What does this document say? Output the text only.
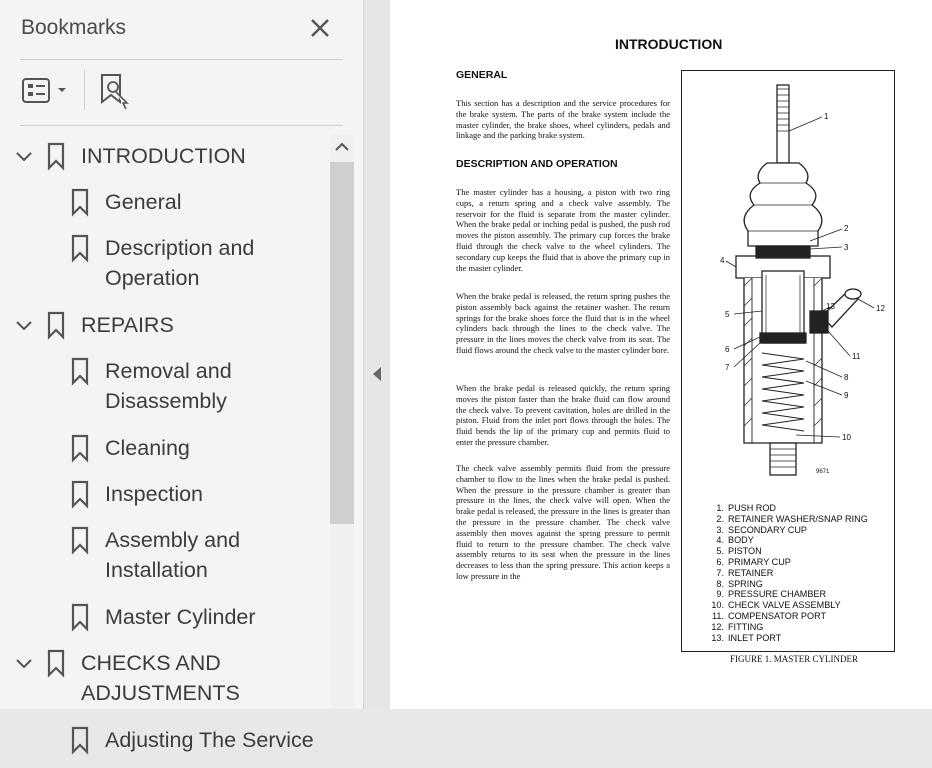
Bookmarks
INTRODUCTION
General
Description and
Operation
REPAIRS
Removal and
Disassembly
Cleaning
Inspection
Assembly and
Installation
Master Cylinder
CHECKS AND
ADJUSTMENTS
Adjusting The Service
INTRODUCTION
GENERAL
This section has a description and the service procedures for the brake system. The parts of the brake system include the master cylinder, the brake shoes, wheel cylinders, pedals and linkage and the parking brake system.
DESCRIPTION AND OPERATION
The master cylinder has a housing, a piston with two ring cups, a return spring and a check valve assembly. The reservoir for the fluid is separate from the master cylinder. When the brake pedal or inching pedal is pushed, the push rod moves the piston assembly. The primary cup forces the brake fluid through the check valve to the wheel cylinders. The secondary cup keeps the fluid that is above the primary cup in the master cylinder.
When the brake pedal is released, the return spring pushes the piston assembly back against the retainer washer. The return springs for the brake shoes force the fluid that is in the wheel cylinders back through the lines to the check valve. The pressure in the lines moves the check valve from its seat. The fluid flows around the check valve to the master cylinder bore.
When the brake pedal is released quickly, the return spring moves the piston faster than the brake fluid can flow around the check valve. To prevent cavitation, holes are drilled in the piston. Fluid from the inlet port flows through the holes. The fluid bends the lip of the primary cup and permits fluid to enter the pressure chamber.
The check valve assembly permits fluid from the pressure chamber to flow to the lines when the brake pedal is pushed. When the pressure in the pressure chamber is greater than pressure in the lines, the check valve will open. When the brake pedal is released, the pressure in the lines is greater than the pressure in the pressure chamber. The check valve assembly then moves against the spring pressure to permit fluid to return to the pressure chamber. The check valve assembly returns to its seat when the pressure in the lines decreases to less than the spring pressure. This action keeps a low pressure in the
1
2
3
4
5
6
7
8
9
10
11
12
13
9671
1. PUSH ROD
2. RETAINER WASHER/SNAP RING
3. SECONDARY CUP
4. BODY
5. PISTON
6. PRIMARY CUP
7. RETAINER
8. SPRING
9. PRESSURE CHAMBER
10. CHECK VALVE ASSEMBLY
11. COMPENSATOR PORT
12. FITTING
13. INLET PORT
FIGURE 1. MASTER CYLINDER
